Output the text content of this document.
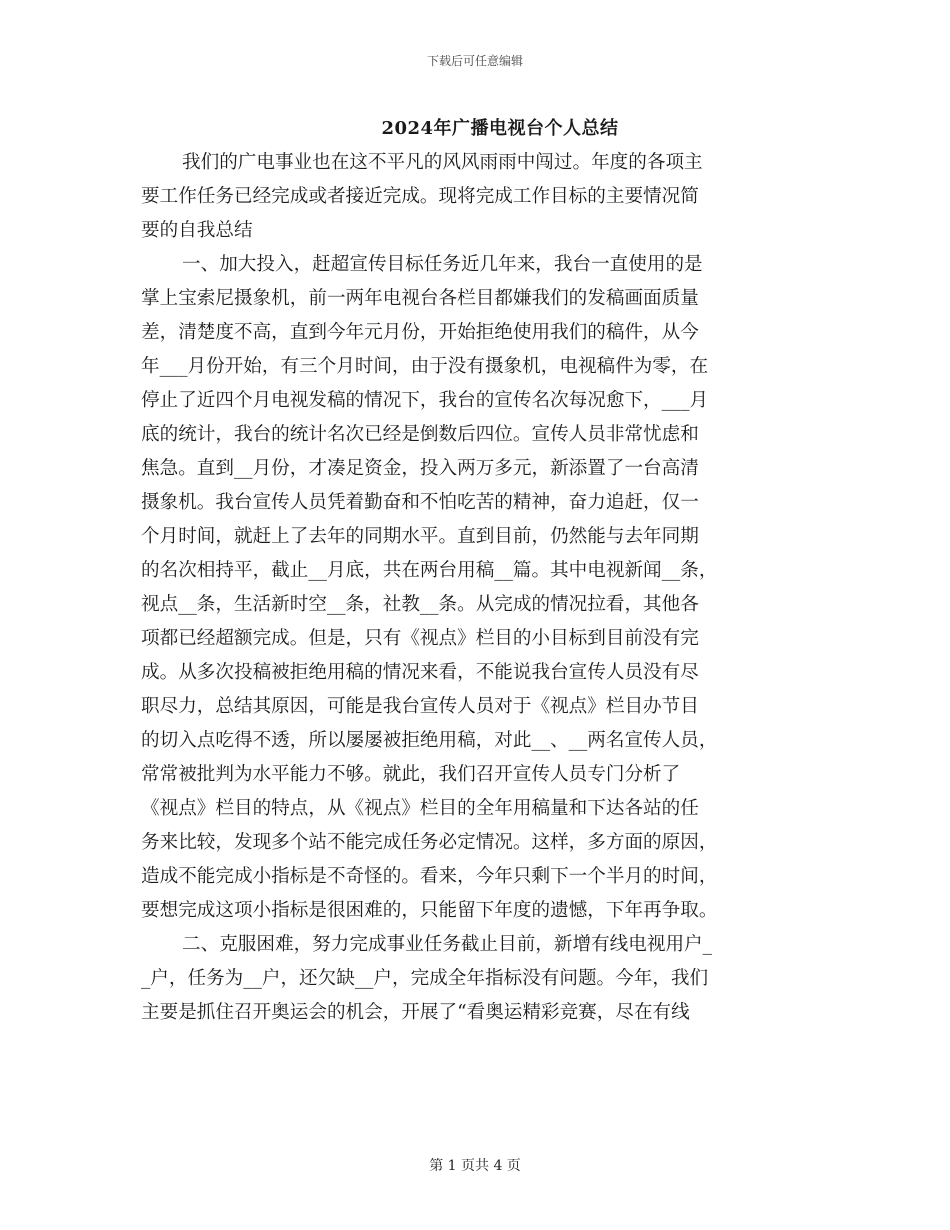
下载后可任意编辑
2024年广播电视台个人总结
我们的广电事业也在这不平凡的风风雨雨中闯过。年度的各项主
要工作任务已经完成或者接近完成。现将完成工作目标的主要情况简
要的自我总结
一、加大投入，赶超宣传目标任务近几年来，我台一直使用的是
掌上宝索尼摄象机，前一两年电视台各栏目都嫌我们的发稿画面质量
差，清楚度不高，直到今年元月份，开始拒绝使用我们的稿件，从今
年___月份开始，有三个月时间，由于没有摄象机，电视稿件为零，在
停止了近四个月电视发稿的情况下，我台的宣传名次每况愈下，___月
底的统计，我台的统计名次已经是倒数后四位。宣传人员非常忧虑和
焦急。直到__月份，才凑足资金，投入两万多元，新添置了一台高清
摄象机。我台宣传人员凭着勤奋和不怕吃苦的精神，奋力追赶，仅一
个月时间，就赶上了去年的同期水平。直到目前，仍然能与去年同期
的名次相持平，截止__月底，共在两台用稿__篇。其中电视新闻__条，
视点__条，生活新时空__条，社教__条。从完成的情况拉看，其他各
项都已经超额完成。但是，只有《视点》栏目的小目标到目前没有完
成。从多次投稿被拒绝用稿的情况来看，不能说我台宣传人员没有尽
职尽力，总结其原因，可能是我台宣传人员对于《视点》栏目办节目
的切入点吃得不透，所以屡屡被拒绝用稿，对此__、__两名宣传人员，
常常被批判为水平能力不够。就此，我们召开宣传人员专门分析了
《视点》栏目的特点，从《视点》栏目的全年用稿量和下达各站的任
务来比较，发现多个站不能完成任务必定情况。这样，多方面的原因，
造成不能完成小指标是不奇怪的。看来，今年只剩下一个半月的时间，
要想完成这项小指标是很困难的，只能留下年度的遗憾，下年再争取。
二、克服困难，努力完成事业任务截止目前，新增有线电视用户_
_户，任务为__户，还欠缺__户，完成全年指标没有问题。今年，我们
主要是抓住召开奥运会的机会，开展了“看奥运精彩竞赛，尽在有线
第 1 页共 4 页
